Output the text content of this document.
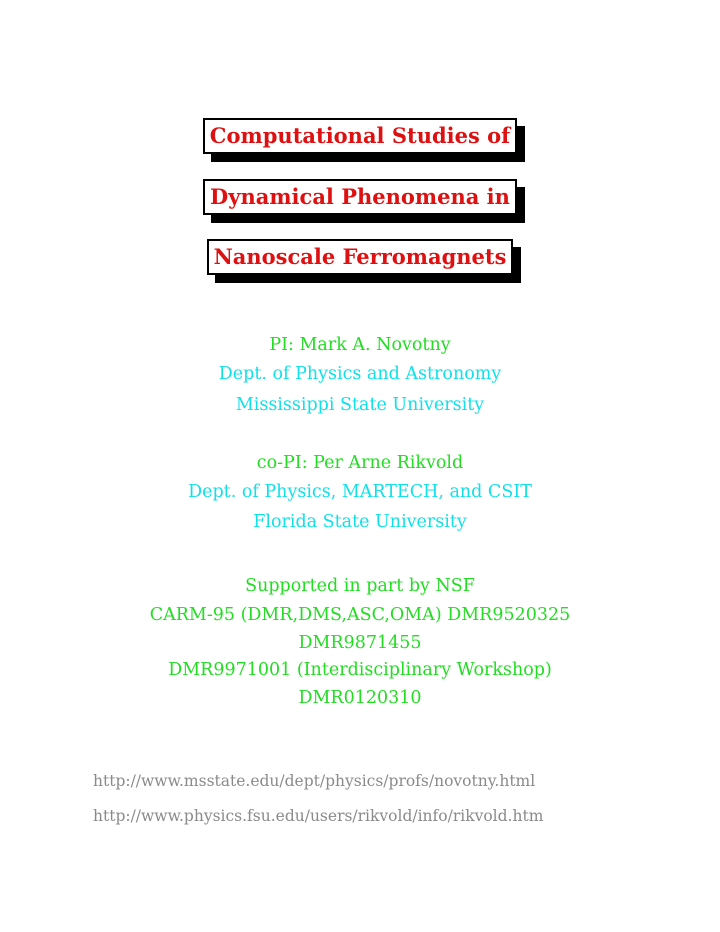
Computational Studies of
Dynamical Phenomena in
Nanoscale Ferromagnets
PI: Mark A. Novotny
Dept. of Physics and Astronomy
Mississippi State University
co-PI: Per Arne Rikvold
Dept. of Physics, MARTECH, and CSIT
Florida State University
Supported in part by NSF
CARM-95 (DMR,DMS,ASC,OMA) DMR9520325
DMR9871455
DMR9971001 (Interdisciplinary Workshop)
DMR0120310
http://www.msstate.edu/dept/physics/profs/novotny.html
http://www.physics.fsu.edu/users/rikvold/info/rikvold.htm
